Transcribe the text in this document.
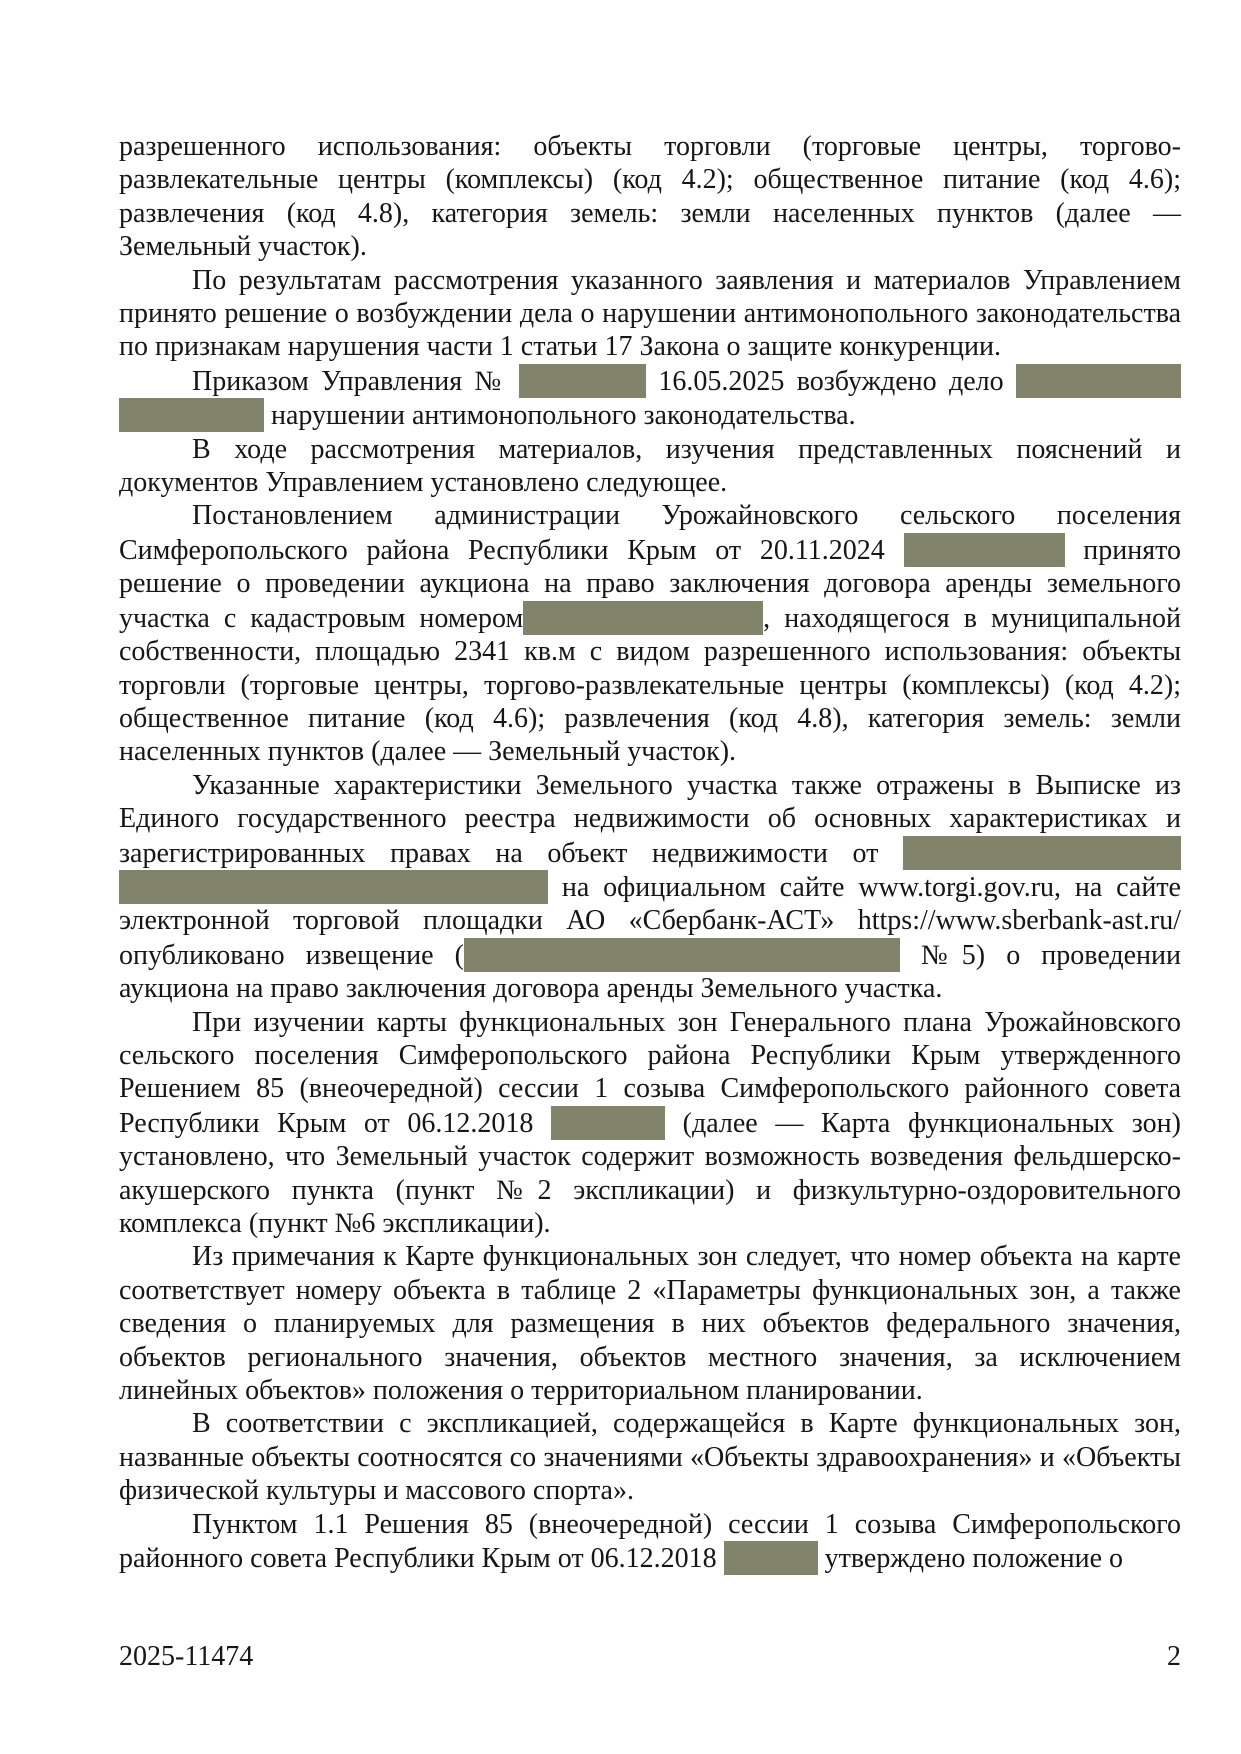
разрешенного использования: объекты торговли (торговые центры, торгово-развлекательные центры (комплексы) (код 4.2); общественное питание (код 4.6); развлечения (код 4.8), категория земель: земли населенных пунктов (далее — Земельный участок).

По результатам рассмотрения указанного заявления и материалов Управлением принято решение о возбуждении дела о нарушении антимонопольного законодательства по признакам нарушения части 1 статьи 17 Закона о защите конкуренции.

Приказом Управления №	16.05.2025 возбуждено дело   нарушении антимонопольного законодательства.

В ходе рассмотрения материалов, изучения представленных пояснений и документов Управлением установлено следующее.

Постановлением администрации Урожайновского сельского поселения Симферопольского района Республики Крым от 20.11.2024	принято решение о проведении аукциона на право заключения договора аренды земельного участка с кадастровым номером	, находящегося в муниципальной собственности, площадью 2341 кв.м с видом разрешенного использования: объекты торговли (торговые центры, торгово-развлекательные центры (комплексы) (код 4.2); общественное питание (код 4.6); развлечения (код 4.8), категория земель: земли населенных пунктов (далее — Земельный участок).

Указанные характеристики Земельного участка также отражены в Выписке из Единого государственного реестра недвижимости об основных характеристиках и зарегистрированных правах на объект недвижимости от   на официальном сайте www.torgi.gov.ru, на сайте электронной торговой площадки АО «Сбербанк-АСТ» https://www.sberbank-ast.ru/ опубликовано извещение (	№5) о проведении аукциона на право заключения договора аренды Земельного участка.

При изучении карты функциональных зон Генерального плана Урожайновского сельского поселения Симферопольского района Республики Крым утвержденного Решением 85 (внеочередной) сессии 1 созыва Симферопольского районного совета Республики Крым от 06.12.2018	(далее — Карта функциональных зон) установлено, что Земельный участок содержит возможность возведения фельдшерско-акушерского пункта (пункт №2 экспликации) и физкультурно-оздоровительного комплекса (пункт №6 экспликации).

Из примечания к Карте функциональных зон следует, что номер объекта на карте соответствует номеру объекта в таблице 2 «Параметры функциональных зон, а также сведения о планируемых для размещения в них объектов федерального значения, объектов регионального значения, объектов местного значения, за исключением линейных объектов» положения о территориальном планировании.

В соответствии с экспликацией, содержащейся в Карте функциональных зон, названные объекты соотносятся со значениями «Объекты здравоохранения» и «Объекты физической культуры и массового спорта».

Пунктом 1.1 Решения 85 (внеочередной) сессии 1 созыва Симферопольского районного совета Республики Крым от 06.12.2018	утверждено положение о

2025-11474	2
